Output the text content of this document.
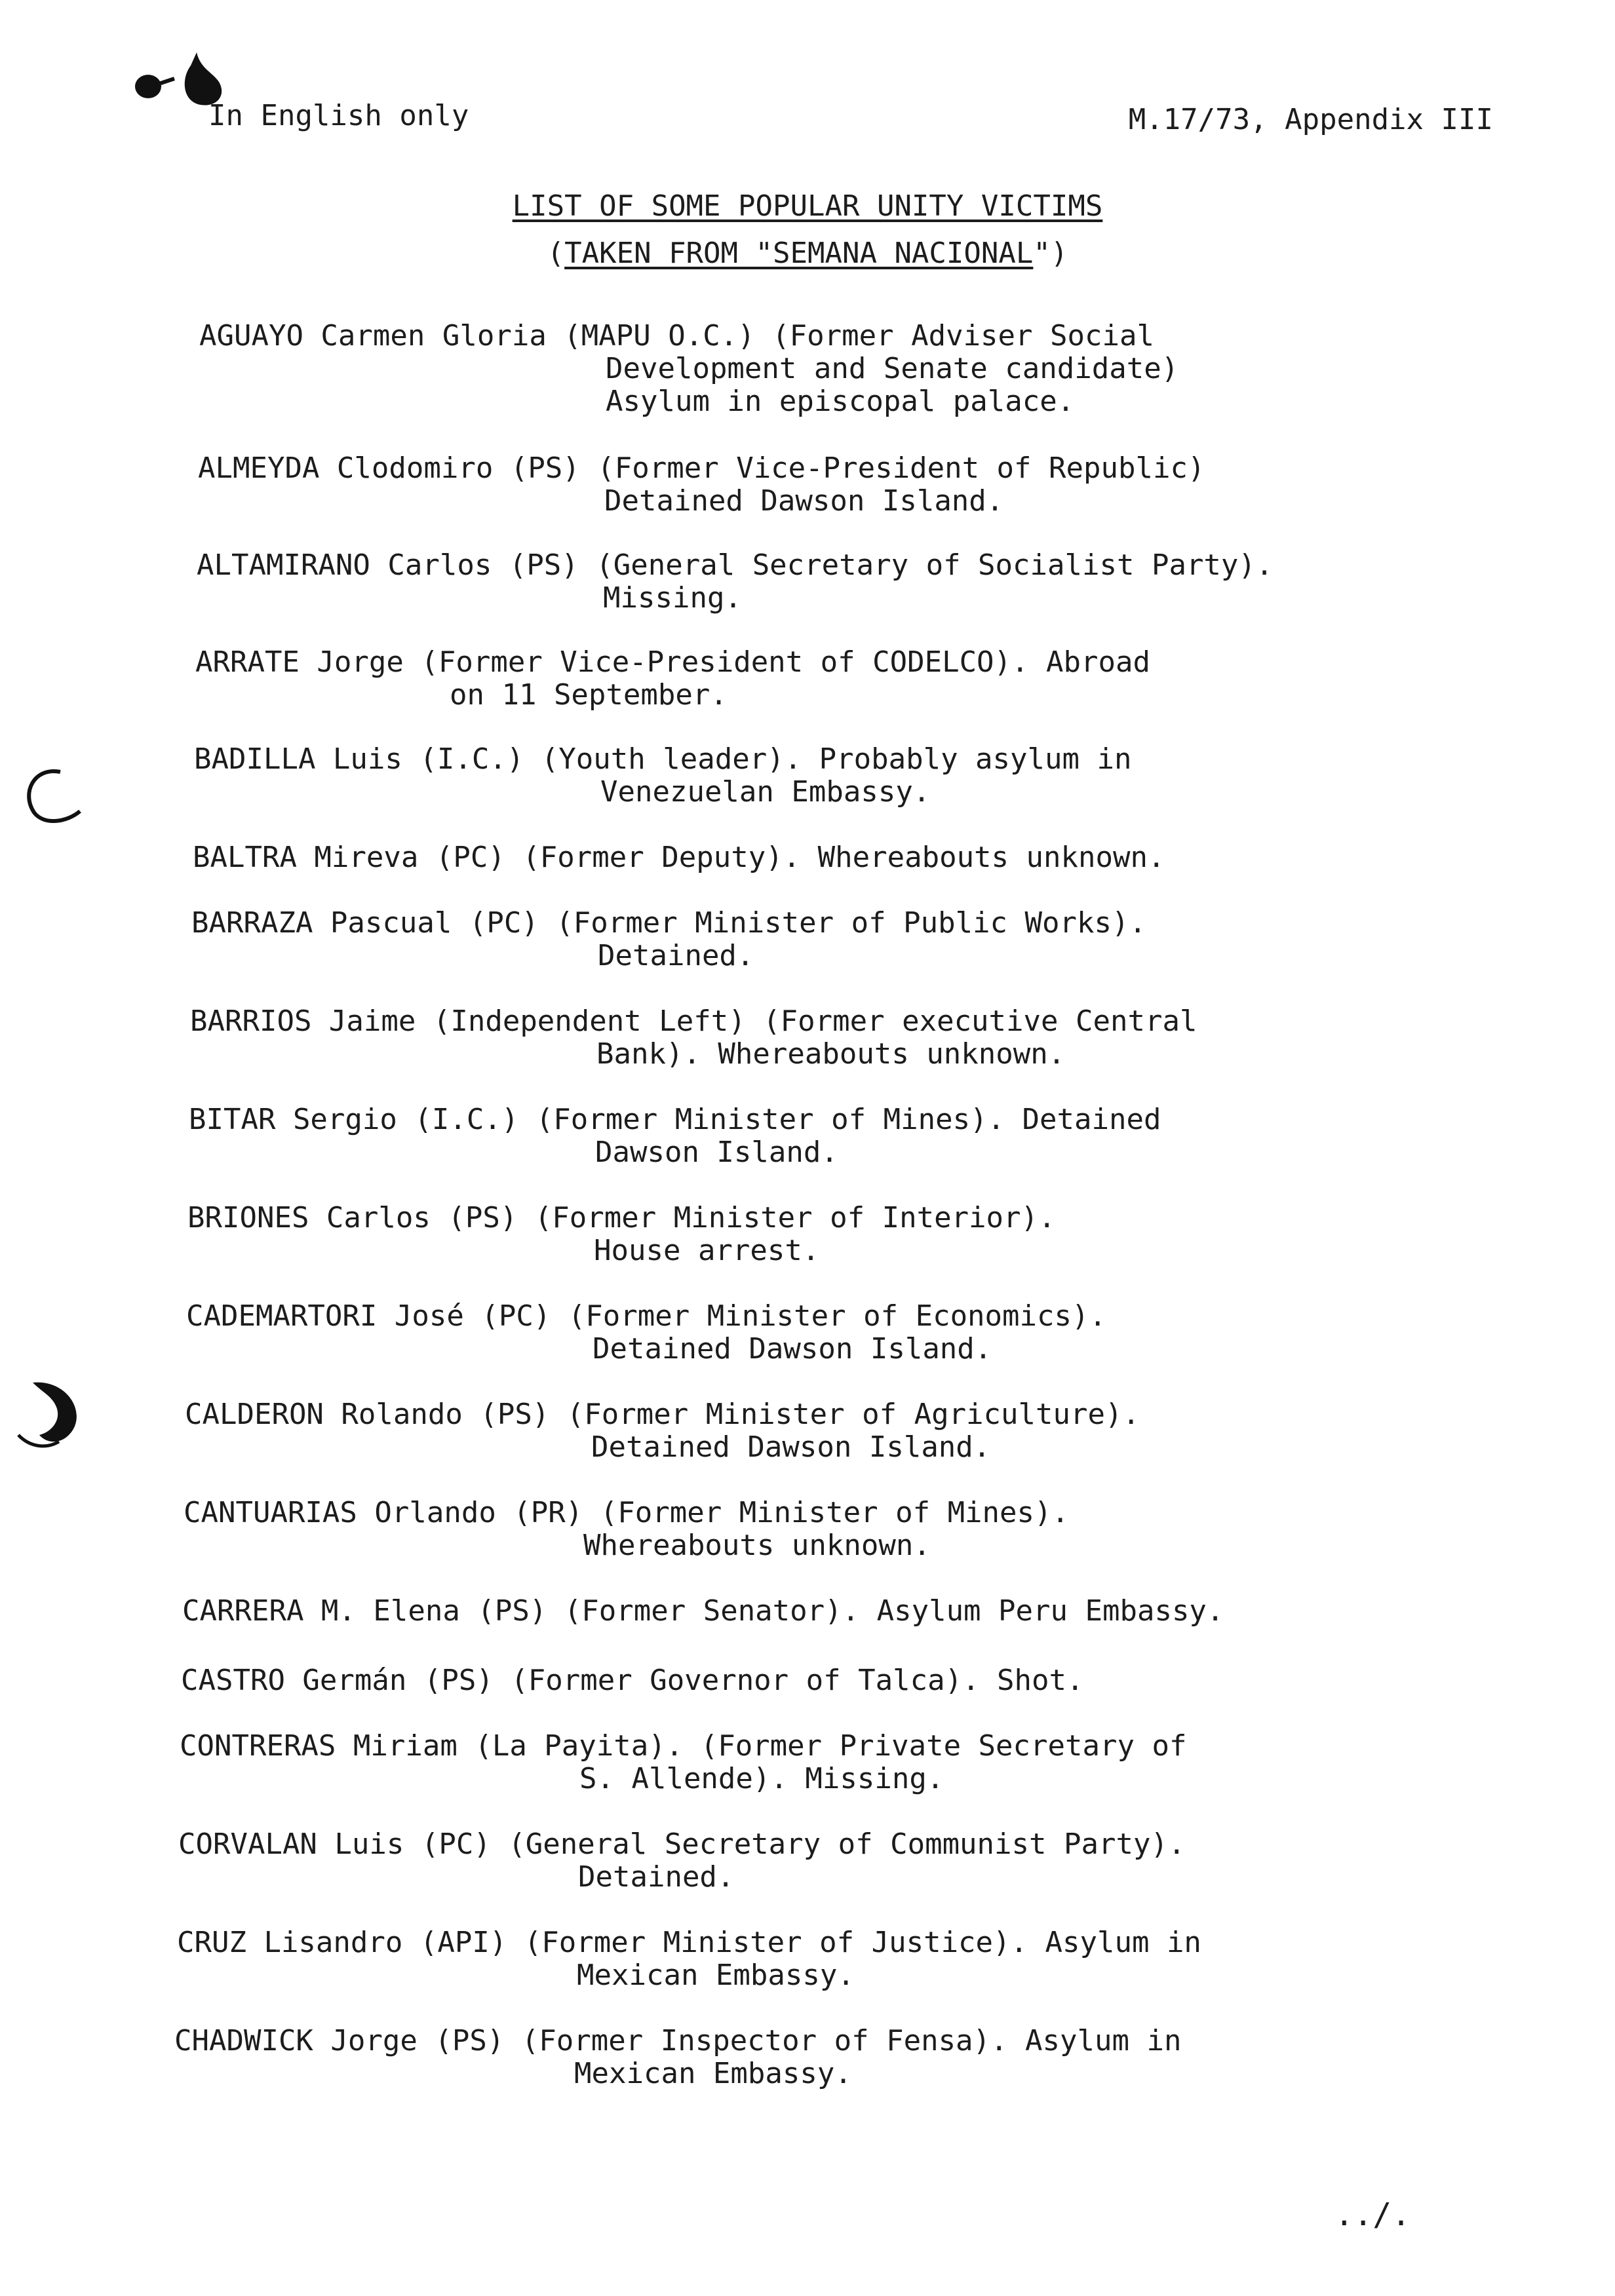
In English only	M.17/73, Appendix III

LIST OF SOME POPULAR UNITY VICTIMS
(TAKEN FROM "SEMANA NACIONAL")
AGUAYO Carmen Gloria (MAPU O.C.) (Former Adviser Social
Development and Senate candidate)
Asylum in episcopal palace.
ALMEYDA Clodomiro (PS) (Former Vice-President of Republic)
Detained Dawson Island.
ALTAMIRANO Carlos (PS) (General Secretary of Socialist Party).
Missing.
ARRATE Jorge (Former Vice-President of CODELCO). Abroad
on 11 September.
BADILLA Luis (I.C.) (Youth leader). Probably asylum in
Venezuelan Embassy.
BALTRA Mireva (PC) (Former Deputy). Whereabouts unknown.
BARRAZA Pascual (PC) (Former Minister of Public Works).
Detained.
BARRIOS Jaime (Independent Left) (Former executive Central
Bank). Whereabouts unknown.
BITAR Sergio (I.C.) (Former Minister of Mines). Detained
Dawson Island.
BRIONES Carlos (PS) (Former Minister of Interior).
House arrest.
CADEMARTORI José (PC) (Former Minister of Economics).
Detained Dawson Island.
CALDERON Rolando (PS) (Former Minister of Agriculture).
Detained Dawson Island.
CANTUARIAS Orlando (PR) (Former Minister of Mines).
Whereabouts unknown.
CARRERA M. Elena (PS) (Former Senator). Asylum Peru Embassy.
CASTRO Germán (PS) (Former Governor of Talca). Shot.
CONTRERAS Miriam (La Payita). (Former Private Secretary of
S. Allende). Missing.
CORVALAN Luis (PC) (General Secretary of Communist Party).
Detained.
CRUZ Lisandro (API) (Former Minister of Justice). Asylum in
Mexican Embassy.
CHADWICK Jorge (PS) (Former Inspector of Fensa). Asylum in
Mexican Embassy.
../.
